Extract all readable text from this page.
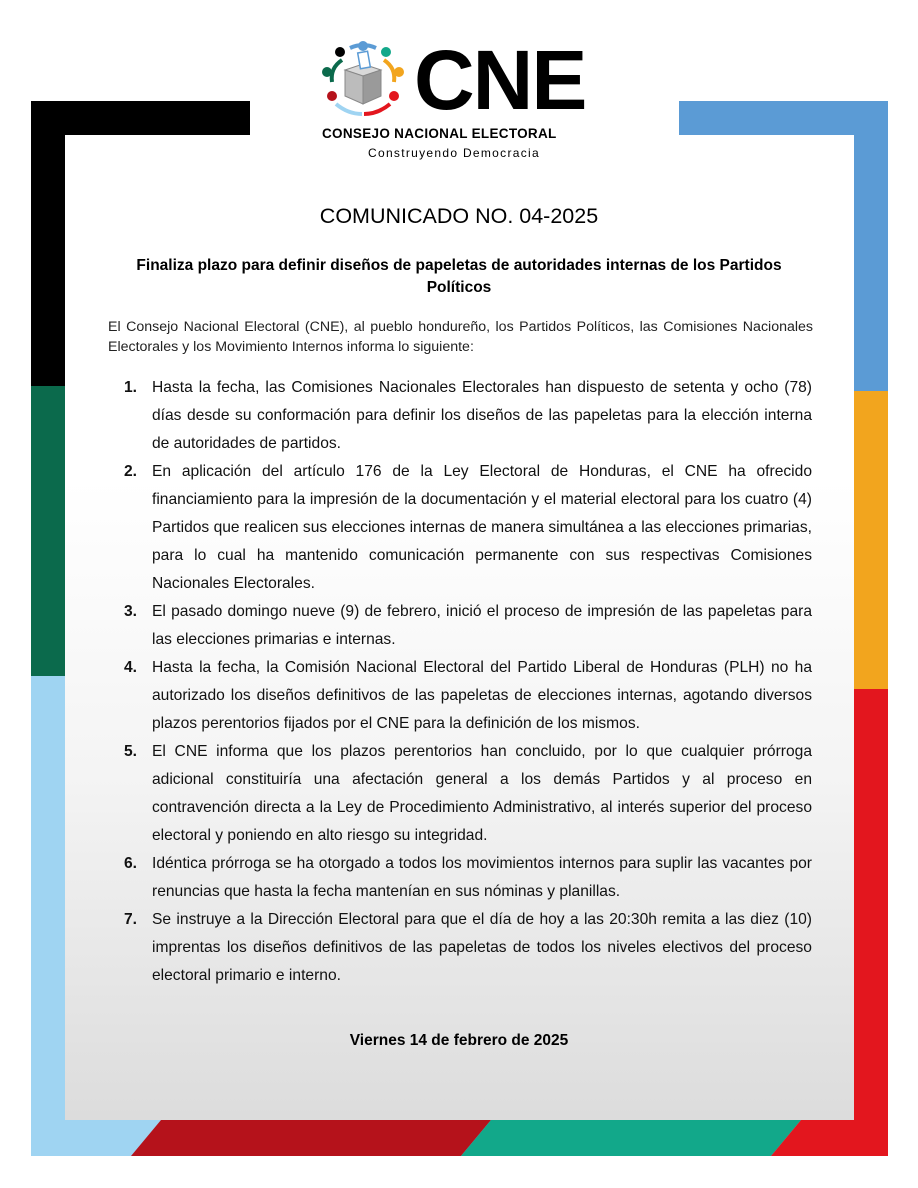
CNE
CONSEJO NACIONAL ELECTORAL
Construyendo Democracia
COMUNICADO NO. 04-2025
Finaliza plazo para definir diseños de papeletas de autoridades internas de los Partidos Políticos
El Consejo Nacional Electoral (CNE), al pueblo hondureño, los Partidos Políticos, las Comisiones Nacionales Electorales y los Movimiento Internos informa lo siguiente:
1. Hasta la fecha, las Comisiones Nacionales Electorales han dispuesto de setenta y ocho (78) días desde su conformación para definir los diseños de las papeletas para la elección interna de autoridades de partidos.
2. En aplicación del artículo 176 de la Ley Electoral de Honduras, el CNE ha ofrecido financiamiento para la impresión de la documentación y el material electoral para los cuatro (4) Partidos que realicen sus elecciones internas de manera simultánea a las elecciones primarias, para lo cual ha mantenido comunicación permanente con sus respectivas Comisiones Nacionales Electorales.
3. El pasado domingo nueve (9) de febrero, inició el proceso de impresión de las papeletas para las elecciones primarias e internas.
4. Hasta la fecha, la Comisión Nacional Electoral del Partido Liberal de Honduras (PLH) no ha autorizado los diseños definitivos de las papeletas de elecciones internas, agotando diversos plazos perentorios fijados por el CNE para la definición de los mismos.
5. El CNE informa que los plazos perentorios han concluido, por lo que cualquier prórroga adicional constituiría una afectación general a los demás Partidos y al proceso en contravención directa a la Ley de Procedimiento Administrativo, al interés superior del proceso electoral y poniendo en alto riesgo su integridad.
6. Idéntica prórroga se ha otorgado a todos los movimientos internos para suplir las vacantes por renuncias que hasta la fecha mantenían en sus nóminas y planillas.
7. Se instruye a la Dirección Electoral para que el día de hoy a las 20:30h remita a las diez (10) imprentas los diseños definitivos de las papeletas de todos los niveles electivos del proceso electoral primario e interno.
Viernes 14 de febrero de 2025
